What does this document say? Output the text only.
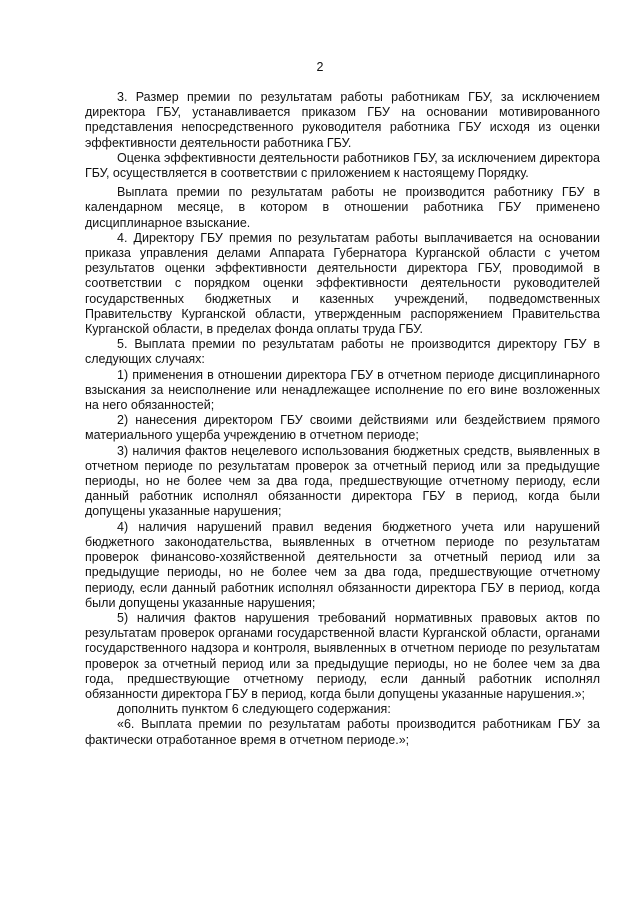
2

3. Размер премии по результатам работы работникам ГБУ, за исключением директора ГБУ, устанавливается приказом ГБУ на основании мотивированного представления непосредственного руководителя работника ГБУ исходя из оценки эффективности деятельности работника ГБУ.

Оценка эффективности деятельности работников ГБУ, за исключением директора ГБУ, осуществляется в соответствии с приложением к настоящему Порядку.

Выплата премии по результатам работы не производится работнику ГБУ в календарном месяце, в котором в отношении работника ГБУ применено дисциплинарное взыскание.

4. Директору ГБУ премия по результатам работы выплачивается на основании приказа управления делами Аппарата Губернатора Курганской области с учетом результатов оценки эффективности деятельности директора ГБУ, проводимой в соответствии с порядком оценки эффективности деятельности руководителей государственных бюджетных и казенных учреждений, подведомственных Правительству Курганской области, утвержденным распоряжением Правительства Курганской области, в пределах фонда оплаты труда ГБУ.

5. Выплата премии по результатам работы не производится директору ГБУ в следующих случаях:

1) применения в отношении директора ГБУ в отчетном периоде дисциплинарного взыскания за неисполнение или ненадлежащее исполнение по его вине возложенных на него обязанностей;

2) нанесения директором ГБУ своими действиями или бездействием прямого материального ущерба учреждению в отчетном периоде;

3) наличия фактов нецелевого использования бюджетных средств, выявленных в отчетном периоде по результатам проверок за отчетный период или за предыдущие периоды, но не более чем за два года, предшествующие отчетному периоду, если данный работник исполнял обязанности директора ГБУ в период, когда были допущены указанные нарушения;

4) наличия нарушений правил ведения бюджетного учета или нарушений бюджетного законодательства, выявленных в отчетном периоде по результатам проверок финансово-хозяйственной деятельности за отчетный период или за предыдущие периоды, но не более чем за два года, предшествующие отчетному периоду, если данный работник исполнял обязанности директора ГБУ в период, когда были допущены указанные нарушения;

5) наличия фактов нарушения требований нормативных правовых актов по результатам проверок органами государственной власти Курганской области, органами государственного надзора и контроля, выявленных в отчетном периоде по результатам проверок за отчетный период или за предыдущие периоды, но не более чем за два года, предшествующие отчетному периоду, если данный работник исполнял обязанности директора ГБУ в период, когда были допущены указанные нарушения.»;

дополнить пунктом 6 следующего содержания:

«6. Выплата премии по результатам работы производится работникам ГБУ за фактически отработанное время в отчетном периоде.»;
